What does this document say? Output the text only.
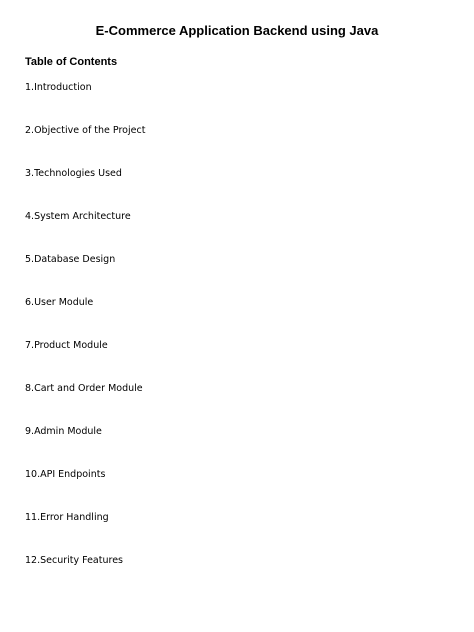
E-Commerce Application Backend using Java
Table of Contents
1.Introduction
2.Objective of the Project
3.Technologies Used
4.System Architecture
5.Database Design
6.User Module
7.Product Module
8.Cart and Order Module
9.Admin Module
10.API Endpoints
11.Error Handling
12.Security Features
